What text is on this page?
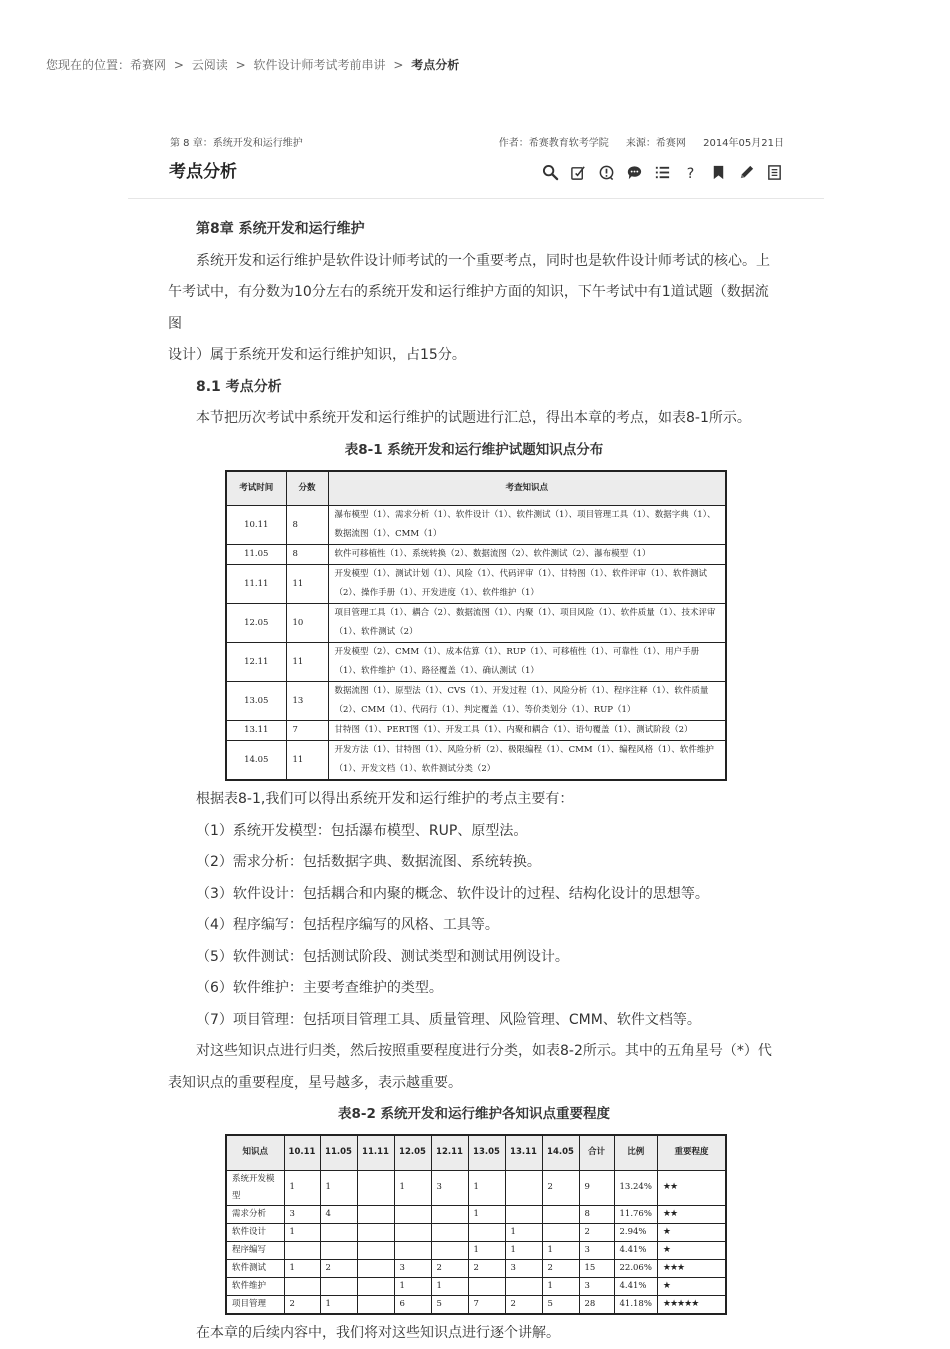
您现在的位置：希赛网 > 云阅读 > 软件设计师考试考前串讲 > 考点分析
第 8 章：系统开发和运行维护	作者：希赛教育软考学院 来源：希赛网 2014年05月21日
考点分析	?

第8章 系统开发和运行维护

系统开发和运行维护是软件设计师考试的一个重要考点，同时也是软件设计师考试的核心。上

午考试中，有分数为10分左右的系统开发和运行维护方面的知识，下午考试中有1道试题（数据流图

设计）属于系统开发和运行维护知识，占15分。

8.1 考点分析

本节把历次考试中系统开发和运行维护的试题进行汇总，得出本章的考点，如表8-1所示。

表8-1 系统开发和运行维护试题知识点分布

考试时间	分数	考查知识点
10.11	8	瀑布模型（1）、需求分析（1）、软件设计（1）、软件测试（1）、项目管理工具（1）、数据字典（1）、数据流图（1）、CMM（1）
11.05	8	软件可移植性（1）、系统转换（2）、数据流图（2）、软件测试（2）、瀑布模型（1）
11.11	11	开发模型（1）、测试计划（1）、风险（1）、代码评审（1）、甘特图（1）、软件评审（1）、软件测试（2）、操作手册（1）、开发进度（1）、软件维护（1）
12.05	10	项目管理工具（1）、耦合（2）、数据流图（1）、内聚（1）、项目风险（1）、软件质量（1）、技术评审（1）、软件测试（2）
12.11	11	开发模型（2）、CMM（1）、成本估算（1）、RUP（1）、可移植性（1）、可靠性（1）、用户手册（1）、软件维护（1）、路径覆盖（1）、确认测试（1）
13.05	13	数据流图（1）、原型法（1）、CVS（1）、开发过程（1）、风险分析（1）、程序注释（1）、软件质量（2）、CMM（1）、代码行（1）、判定覆盖（1）、等价类划分（1）、RUP（1）
13.11	7	甘特图（1）、PERT图（1）、开发工具（1）、内聚和耦合（1）、语句覆盖（1）、测试阶段（2）
14.05	11	开发方法（1）、甘特图（1）、风险分析（2）、极限编程（1）、CMM（1）、编程风格（1）、软件维护（1）、开发文档（1）、软件测试分类（2）

根据表8-1,我们可以得出系统开发和运行维护的考点主要有：

（1）系统开发模型：包括瀑布模型、RUP、原型法。

（2）需求分析：包括数据字典、数据流图、系统转换。

（3）软件设计：包括耦合和内聚的概念、软件设计的过程、结构化设计的思想等。

（4）程序编写：包括程序编写的风格、工具等。

（5）软件测试：包括测试阶段、测试类型和测试用例设计。

（6）软件维护：主要考查维护的类型。

（7）项目管理：包括项目管理工具、质量管理、风险管理、CMM、软件文档等。

对这些知识点进行归类，然后按照重要程度进行分类，如表8-2所示。其中的五角星号（*）代

表知识点的重要程度，星号越多，表示越重要。

表8-2 系统开发和运行维护各知识点重要程度

知识点	10.11	11.05	11.11	12.05	12.11	13.05	13.11	14.05	合计	比例	重要程度
系统开发模型	1	1		1	3	1		2	9	13.24%	★★
需求分析	3	4				1			8	11.76%	★★
软件设计	1						1		2	2.94%	★
程序编写						1	1	1	3	4.41%	★
软件测试	1	2		3	2	2	3	2	15	22.06%	★★★
软件维护				1	1			1	3	4.41%	★
项目管理	2	1		6	5	7	2	5	28	41.18%	★★★★★

在本章的后续内容中，我们将对这些知识点进行逐个讲解。
